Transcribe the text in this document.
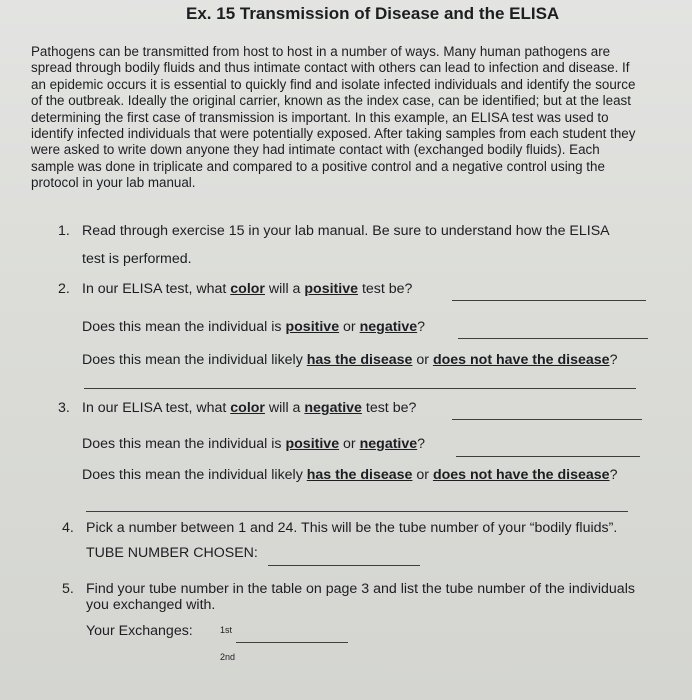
Ex. 15 Transmission of Disease and the ELISA
Pathogens can be transmitted from host to host in a number of ways. Many human pathogens are
spread through bodily fluids and thus intimate contact with others can lead to infection and disease. If
an epidemic occurs it is essential to quickly find and isolate infected individuals and identify the source
of the outbreak. Ideally the original carrier, known as the index case, can be identified; but at the least
determining the first case of transmission is important. In this example, an ELISA test was used to
identify infected individuals that were potentially exposed. After taking samples from each student they
were asked to write down anyone they had intimate contact with (exchanged bodily fluids). Each
sample was done in triplicate and compared to a positive control and a negative control using the
protocol in your lab manual.
1. Read through exercise 15 in your lab manual. Be sure to understand how the ELISA

test is performed.

2. In our ELISA test, what color will a positive test be?

Does this mean the individual is positive or negative?

Does this mean the individual likely has the disease or does not have the disease?

3. In our ELISA test, what color will a negative test be?

Does this mean the individual is positive or negative?

Does this mean the individual likely has the disease or does not have the disease?

4. Pick a number between 1 and 24. This will be the tube number of your “bodily fluids”.

TUBE NUMBER CHOSEN:

5. Find your tube number in the table on page 3 and list the tube number of the individuals

you exchanged with.

Your Exchanges:	1st
2nd
